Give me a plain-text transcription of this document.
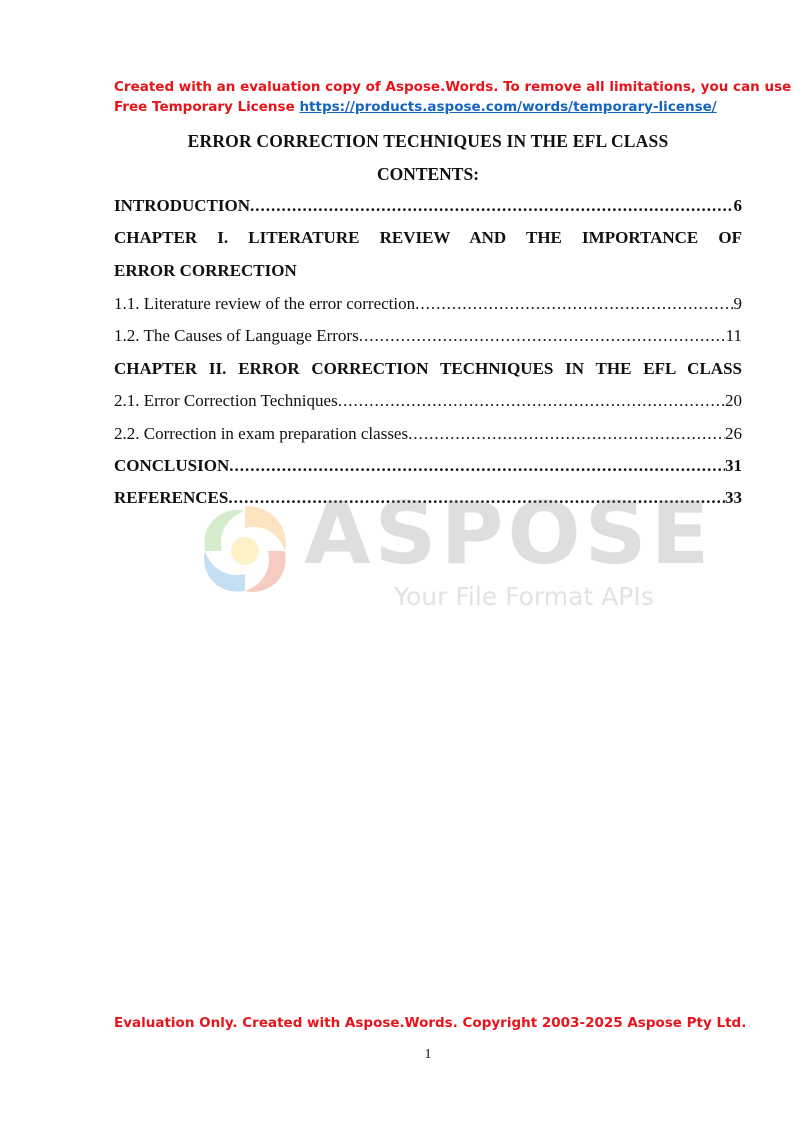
Created with an evaluation copy of Aspose.Words. To remove all limitations, you can use
Free Temporary License https://products.aspose.com/words/temporary-license/
ERROR CORRECTION TECHNIQUES IN THE EFL CLASS
CONTENTS:
INTRODUCTION .....	6
CHAPTER I. LITERATURE REVIEW AND THE IMPORTANCE OF
ERROR CORRECTION
1.1. Literature review of the error correction .....	9
1.2. The Causes of Language Errors .....	11
CHAPTER II. ERROR CORRECTION TECHNIQUES IN THE EFL CLASS
2.1. Error Correction Techniques .....	20
2.2. Correction in exam preparation classes .....	26
CONCLUSION .....	31
REFERENCES .....	33
ASPOSE
Your File Format APIs
Evaluation Only. Created with Aspose.Words. Copyright 2003-2025 Aspose Pty Ltd.
1
